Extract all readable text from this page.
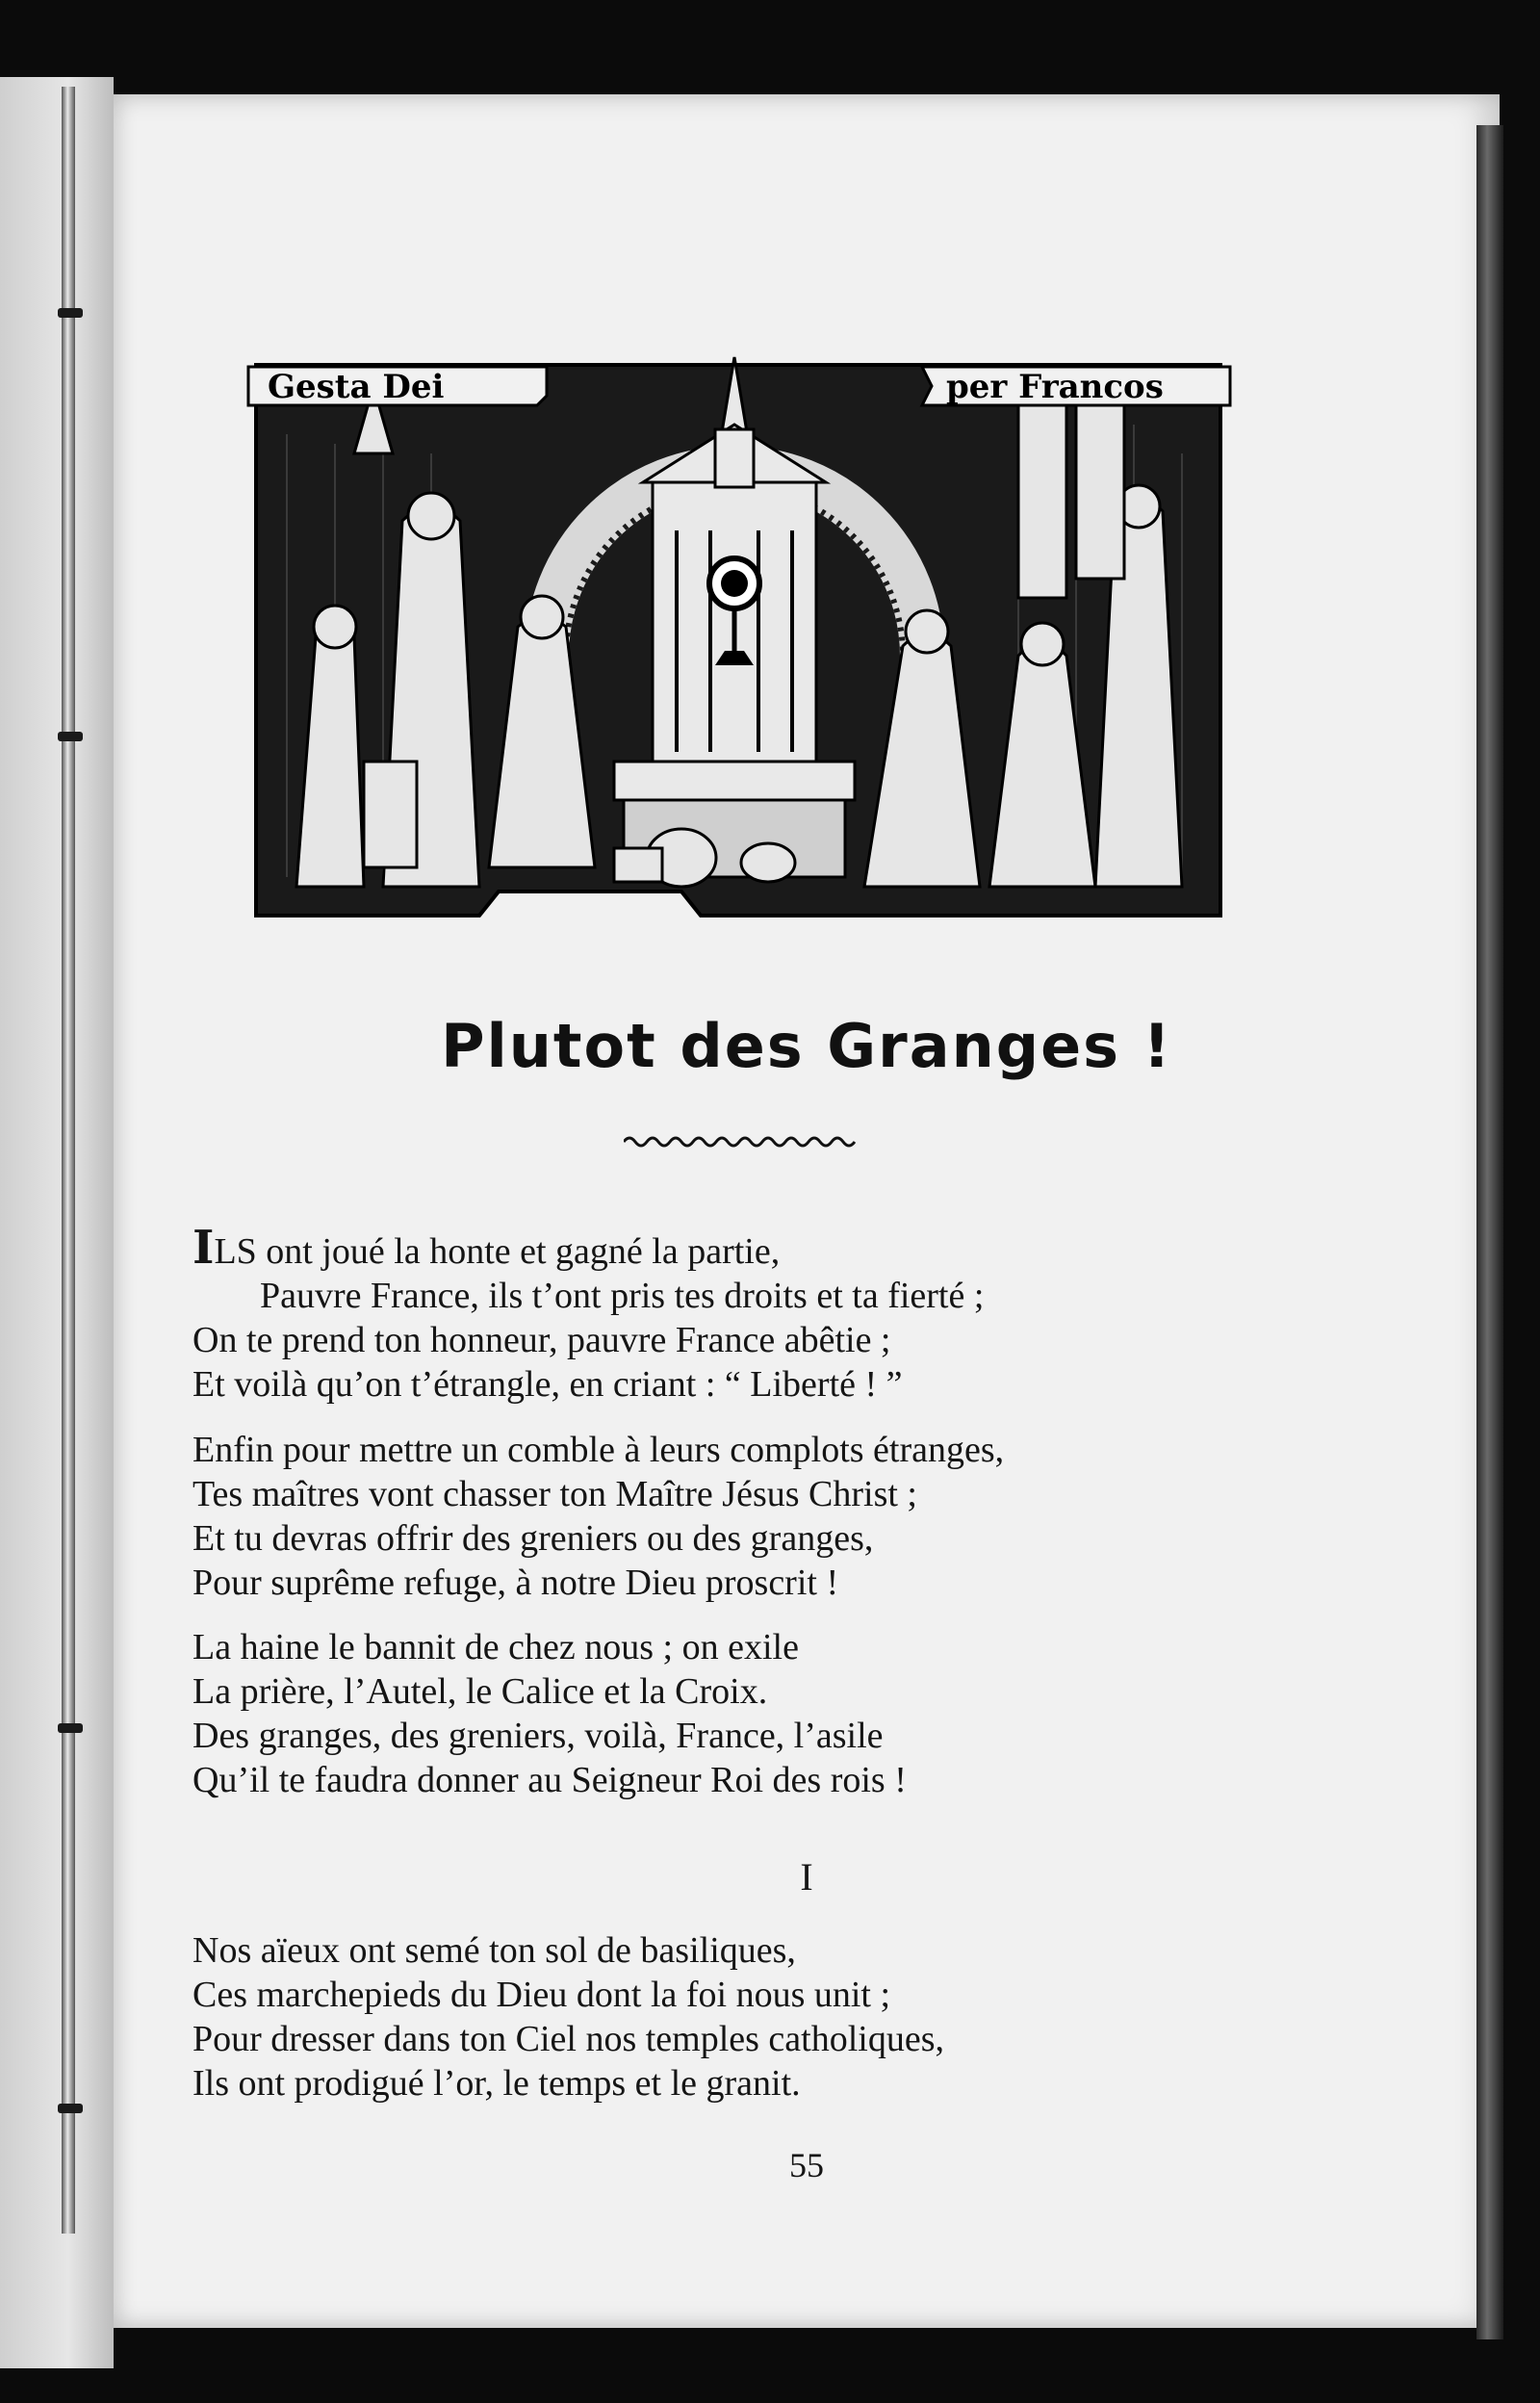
Gesta Dei	per Francos
Plutot des Granges !

ILS ont joué la honte et gagné la partie,

Pauvre France, ils t’ont pris tes droits et ta fierté ;

On te prend ton honneur, pauvre France abêtie ;

Et voilà qu’on t’étrangle, en criant : “ Liberté ! ”

Enfin pour mettre un comble à leurs complots étranges,

Tes maîtres vont chasser ton Maître Jésus Christ ;

Et tu devras offrir des greniers ou des granges,

Pour suprême refuge, à notre Dieu proscrit !

La haine le bannit de chez nous ; on exile

La prière, l’Autel, le Calice et la Croix.

Des granges, des greniers, voilà, France, l’asile

Qu’il te faudra donner au Seigneur Roi des rois !

I

Nos aïeux ont semé ton sol de basiliques,

Ces marchepieds du Dieu dont la foi nous unit ;

Pour dresser dans ton Ciel nos temples catholiques,

Ils ont prodigué l’or, le temps et le granit.

55
